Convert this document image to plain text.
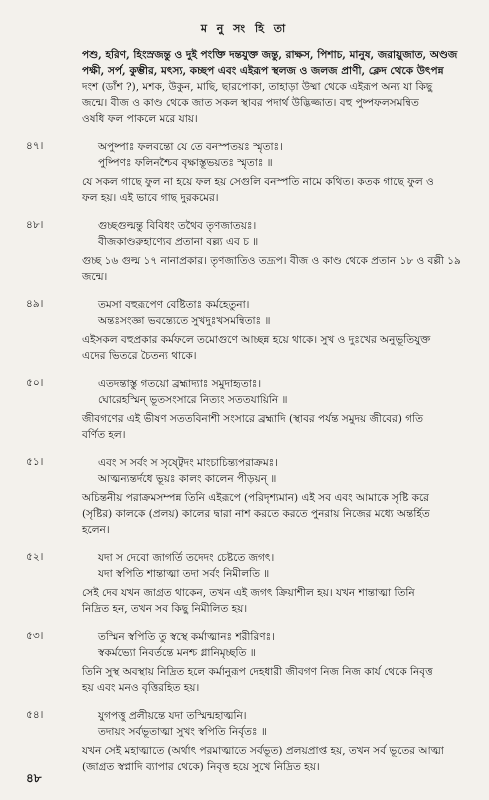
ম নু সং হি তা
পশু, হরিণ, হিংস্রজন্তু ও দুই পংক্তি দন্তযুক্ত জন্তু, রাক্ষস, পিশাচ, মানুষ, জরায়ুজাত, অণ্ডজ
পক্ষী, সর্প, কুম্ভীর, মৎস্য, কচ্ছপ এবং এইরূপ স্থলজ ও জলজ প্রাণী, ক্লেদ থেকে উৎপন্ন
দংশ (ডাঁশ ?), মশক, উকুন, মাছি, ছারপোকা, তাহাড়া উষ্মা থেকে এইরূপ অন্য যা কিছু
জন্মে। বীজ ও কাণ্ড থেকে জাত সকল স্থাবর পদার্থ উদ্ভিজ্জাত। বহু পুষ্পফলসমন্বিত
ওষধি ফল পাকলে মরে যায়।
৪৭।	অপুষ্পাঃ ফলবন্তো যে তে বনস্পতয়ঃ স্মৃতাঃ।
পুষ্পিণঃ ফলিনশ্চৈব বৃক্ষাস্তূভয়তঃ স্মৃতাঃ ॥
যে সকল গাছে ফুল না হয়ে ফল হয় সেগুলি বনস্পতি নামে কথিত। কতক গাছে ফুল ও
ফল হয়। এই ভাবে গাছ দুরকমের।
৪৮।	গুচ্ছগুল্মন্তু বিবিধং তথৈব তৃণজাতয়ঃ।
বীজকাণ্ডরুহাণ্যেব প্রতানা বল্ল্য এব চ ॥
গুচ্ছ ১৬ গুল্ম ১৭ নানাপ্রকার। তৃণজাতিও তদ্রূপ। বীজ ও কাণ্ড থেকে প্রতান ১৮ ও বল্লী ১৯
জন্মে।
৪৯।	তমসা বহুরূপেণ বেষ্টিতাঃ কর্মহেতুনা।
অন্তঃসংজ্ঞা ভবন্ত্যেতে সুখদুঃখসমন্বিতাঃ ॥
এইসকল বহুপ্রকার কর্মফলে তমোগুণে আচ্ছন্ন হয়ে থাকে। সুখ ও দুঃখের অনুভূতিযুক্ত
এদের ভিতরে চৈতন্য থাকে।
৫০।	এতদন্তাস্তু গতয়ো ব্রহ্মাদ্যাঃ সমুদাহৃতাঃ।
ঘোরেহস্মিন্ ভূতসংসারে নিত্যং সততযায়িনি ॥
জীবগণের এই ভীষণ সততবিনাশী সংসারে ব্রহ্মাদি (স্থাবর পর্যন্ত সমুদয় জীবের) গতি
বর্ণিত হল।
৫১।	এবং স সর্বং স সৃষ্ট্বেদং মাংচাচিন্ত্যপরাক্রমঃ।
আত্মন্যন্তর্দধে ভূয়ঃ কালং কালেন পীড়য়ন্ ॥
অচিন্তনীয় পরাক্রমসম্পন্ন তিনি এইরূপে (পরিদৃশ্যমান) এই সব এবং আমাকে সৃষ্টি করে
(সৃষ্টির) কালকে (প্রলয়) কালের দ্বারা নাশ করতে করতে পুনরায় নিজের মধ্যে অন্তর্হিত
হলেন।
৫২।	যদা স দেবো জাগর্তি তদেদং চেষ্টতে জগৎ।
যদা স্বপিতি শান্তাত্মা তদা সর্বং নিমীলতি ॥
সেই দেব যখন জাগ্রত থাকেন, তখন এই জগৎ ক্রিয়াশীল হয়। যখন শান্তাত্মা তিনি
নিদ্রিত হন, তখন সব কিছু নিমীলিত হয়।
৫৩।	তস্মিন স্বপিতি তু স্বস্থে কর্মাত্মানঃ শরীরিণঃ।
স্বকর্মভ্যো নিবর্তন্তে মনশ্চ গ্লানিমৃচ্ছতি ॥
তিনি সুস্থ অবস্থায় নিদ্রিত হলে কর্মানুরূপ দেহধারী জীবগণ নিজ নিজ কার্য থেকে নিবৃত্ত
হয় এবং মনও বৃত্তিরহিত হয়।
৫৪।	যুগপত্তু প্রলীয়ন্তে যদা তস্মিন্মহাত্মনি।
তদায়ং সর্বভূতাত্মা সুখং স্বপিতি নির্বৃতঃ ॥
যখন সেই মহাত্মাতে (অর্থাৎ পরমাত্মাতে সর্বভূত) প্রলয়প্রাপ্ত হয়, তখন সর্ব ভূতের আত্মা
(জাগ্রত স্বপ্নাদি ব্যাপার থেকে) নিবৃত্ত হয়ে সুখে নিদ্রিত হয়।
৪৮
